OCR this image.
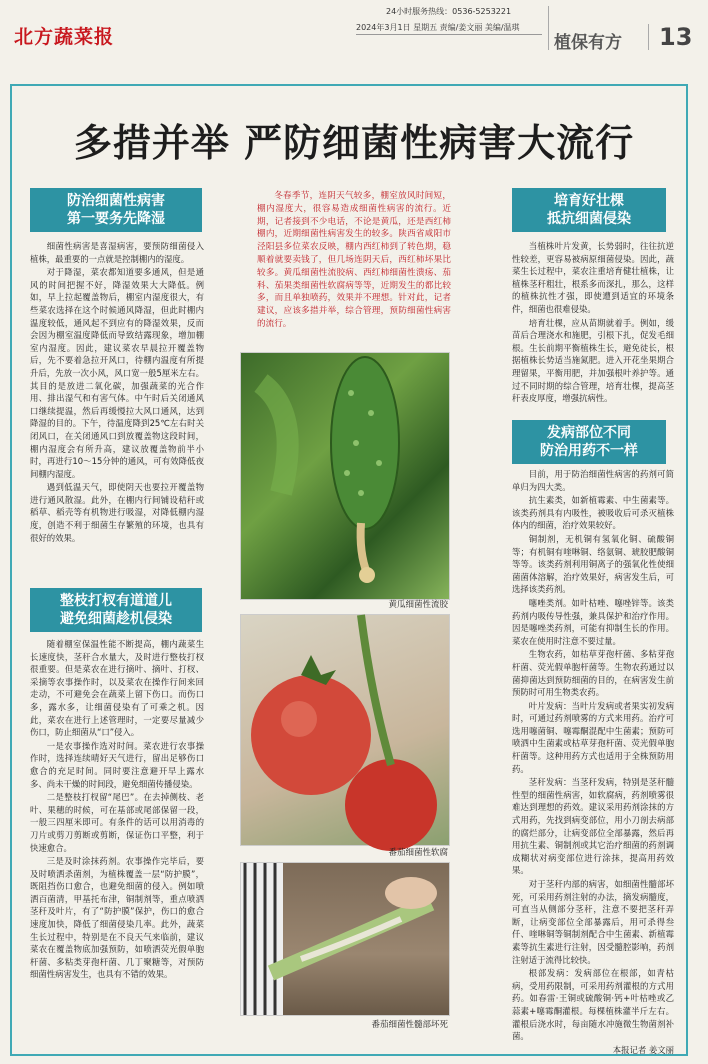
北方蔬菜报
24小时服务热线：0536-5253221
2024年3月1日 星期五 责编/姜文丽 美编/温琪
植保有方	13
多措并举 严防细菌性病害大流行
防治细菌性病害
第一要务先降湿

细菌性病害是喜湿病害，要预防细菌侵入植株，最重要的一点就是控制棚内的湿度。

对于降湿，菜农都知道要多通风，但是通风的时间把握不好，降湿效果大大降低。例如，早上拉起覆盖物后，棚室内湿度很大，有些菜农选择在这个时候通风降湿，但此时棚内温度较低，通风起不到应有的降湿效果，反而会因为棚室温度降低而导致结露现象，增加棚室内湿度。因此，建议菜农早晨拉开覆盖物后，先不要着急拉开风口，待棚内温度有所提升后，先放一次小风，风口宽一般5厘米左右。其目的是放进二氧化碳，加强蔬菜的光合作用、排出湿气和有害气体。中午时后关闭通风口继续提温，然后再缓慢拉大风口通风，达到降湿的目的。下午，待温度降到25℃左右时关闭风口，在关闭通风口到放覆盖物这段时间，棚内湿度会有所升高，建议放覆盖物前半小时，再进行10～15分钟的通风，可有效降低夜间棚内湿度。

遇到低温天气，即使阴天也要拉开覆盖物进行通风散湿。此外，在棚内行间铺设秸秆或稻草、稻壳等有机物进行吸湿，对降低棚内湿度，创造不利于细菌生存繁殖的环境，也具有很好的效果。

整枝打杈有道道儿
避免细菌趁机侵染

随着棚室保温性能不断提高，棚内蔬菜生长速度快，茎秆合水量大，及时进行整枝打杈很重要。但是菜农在进行摘叶、摘叶、打杈、采摘等农事操作时，以及菜农在操作行间来回走动，不可避免会在蔬菜上留下伤口。而伤口多，露水多，让细菌侵染有了可乘之机。因此，菜农在进行上述管理时，一定要尽量减少伤口，防止细菌从“口”侵入。

一是农事操作选对时间。菜农进行农事操作时，选择连续晴好天气进行，留出足够伤口愈合的充足时间。同时要注意避开早上露水多、尚未干燥的时间段，避免细菌传播侵染。

二是整枝打杈留“尾巴”。在去掉侧枝、老叶、果穗的时候，可在基部或尾部保留一段，一般三四厘米即可。有条件的话可以用消毒的刀片或剪刀剪断或剪断，保证伤口平整，利于快速愈合。

三是及时涂抹药剂。农事操作完毕后，要及时喷洒杀菌剂，为植株覆盖一层“防护膜”，既阻挡伤口愈合，也避免细菌的侵入。例如喷洒百菌清，甲基托布津，铜制剂等，重点喷洒茎秆及叶片，有了“防护膜”保护，伤口的愈合速度加快，降低了细菌侵染几率。此外，蔬菜生长过程中，特别是在不良天气来临前，建议菜农在覆盖物底加强预防，如喷洒荧光假单胞杆菌、多粘类芽孢杆菌、几丁聚糖等，对预防细菌性病害发生，也具有不错的效果。

冬春季节，连阴天气较多，棚室放风时间短，棚内湿度大，很容易造成细菌性病害的流行。近期，记者接到不少电话，不论是黄瓜，还是西红柿棚内，近期细菌性病害发生的较多。陕西省咸阳市泾阳县多位菜农反映，棚内西红柿到了转色期，稳顺着就要卖钱了，但几场连阴天后，西红柿坏果比较多。黄瓜细菌性流胶病、西红柿细菌性溃疡、茄科、茄果类细菌性软腐病等等，近期发生的都比较多，而且单独喷药，效果并不理想。针对此，记者建议，应该多措并举，综合管理，预防细菌性病害的流行。

黄瓜细菌性流胶
番茄细菌性软腐
番茄细菌性髓部坏死
培育好壮棵
抵抗细菌侵染

当植株叶片发黄，长势弱时，往往抗逆性较差，更容易被病原细菌侵染。因此，蔬菜生长过程中，菜农注重培育健壮植株，让植株茎秆粗壮，根系多而深扎，那么，这样的植株抗性才强，即使遭到适宜的环境条件，细菌也很难侵染。

培育壮棵，应从苗期就着手。例如，缓苗后合理浇水和施肥，引根下扎，促发毛细根。生长前期平衡植株生长，避免徒长，根据植株长势适当施氮肥。进入开花坐果期合理留果，平衡用肥，并加强根叶养护等。通过不同时期的综合管理，培育壮棵，提高茎秆表皮厚度，增强抗病性。

发病部位不同
防治用药不一样

目前，用于防治细菌性病害的药剂可简单归为四大类。

抗生素类，如新植霉素、中生菌素等。该类药剂具有内吸性，被吸收后可杀灭植株体内的细菌，治疗效果较好。

铜制剂，无机铜有氢氧化铜、硫酸铜等；有机铜有喹啉铜、络氨铜、琥胶肥酸铜等等。该类药剂利用铜离子的强氧化性使细菌菌体溶解，治疗效果好，病害发生后，可选择该类药剂。

噻唑类剂。如叶枯唑、噻唑锌等。该类药剂内吸传导性强，兼具保护和治疗作用。因是噻唑类药剂，可能有抑制生长的作用。菜农在使用时注意不要过量。

生物农药，如枯草芽孢杆菌、多粘芽孢杆菌、荧光假单胞杆菌等。生物农药通过以菌抑菌达到预防细菌的目的，在病害发生前预防时可用生物类农药。

叶片发病：当叶片发病或者果实初发病时，可通过药剂喷雾的方式来用药。治疗可选用噻菌铜、噻霉酮混配中生菌素；预防可喷洒中生菌素或枯草芽孢杆菌、荧光假单胞杆菌等。这种用药方式也适用于全株预防用药。

茎秆发病：当茎秆发病，特别是茎秆髓性型的细菌性病害，如软腐病，药剂喷雾很难达到理想的药效。建议采用药剂涂抹的方式用药，先找到病变部位，用小刀剖去病部的腐烂部分，让病变部位全部暴露，然后再用抗生素、铜制剂或其它治疗细菌的药剂调成糊状对病变部位进行涂抹，提高用药效果。

对于茎秆内部的病害，如细菌性髓部坏死，可采用药剂注射的办法，摘发病髓度，可直当从侧部分茎秆，注意不要把茎秆弄断，让病变部位全部暴露后，用可杀得叁仟、喹啉铜等铜制剂配合中生菌素、新植霉素等抗生素进行注射，因受髓腔影响，药剂注射适于流得比较快。

根部发病：发病部位在根部，如青枯病，受用药限制，可采用药剂灌根的方式用药。如春雷·王铜或硫酸铜·钙+叶枯唑或乙蒜素+噻霉酮灌根。每棵植株灌半斤左右。灌根后浇水时，每亩随水冲施微生物菌剂补菌。

本报记者 姜文丽
